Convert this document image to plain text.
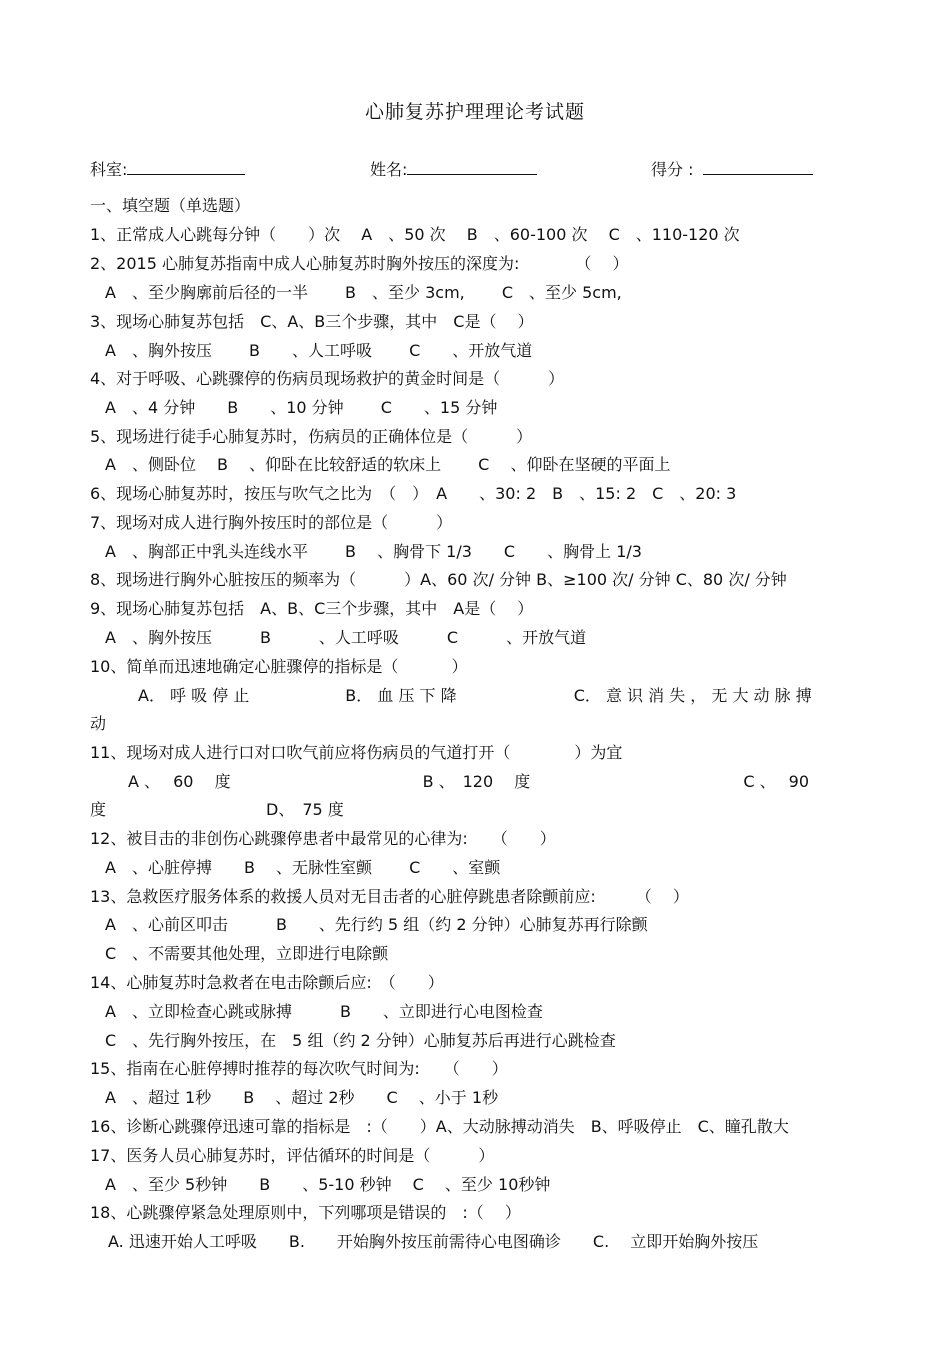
心肺复苏护理理论考试题
科室:	姓名:	得分 :
一、填空题（单选题）
1、正常成人心跳每分钟（　　）次　 A　、50 次　 B　、60-100 次　 C　、110-120 次
2、2015 心肺复苏指南中成人心肺复苏时胸外按压的深度为:　　　　（　 ）
A　、至少胸廓前后径的一半　　 B　、至少 3cm,　　 C　、至少 5cm,
3、现场心肺复苏包括　C、A、B三个步骤，其中　C是（　 ）
A　、胸外按压　　 B　　、人工呼吸　　 C　　、开放气道
4、对于呼吸、心跳骤停的伤病员现场救护的黄金时间是（　　　）
A　、4 分钟　　B　　、10 分钟　　 C　　、15 分钟
5、现场进行徒手心肺复苏时，伤病员的正确体位是（　　　）
A　、侧卧位　 B　 、仰卧在比较舒适的软床上　　 C　 、仰卧在坚硬的平面上
6、现场心肺复苏时，按压与吹气之比为　（　）　A　　、30: 2　B　、15: 2　C　、20: 3
7、现场对成人进行胸外按压时的部位是（　　　）
A　、胸部正中乳头连线水平　　 B　 、胸骨下 1/3　　C　　、胸骨上 1/3
8、现场进行胸外心脏按压的频率为（　　　）A、60 次/ 分钟 B、≥100 次/ 分钟 C、80 次/ 分钟
9、现场心肺复苏包括　A、B、C三个步骤，其中　A是（　 ）
A　、胸外按压　　　B　　　、人工呼吸　　　C　　　、开放气道
10、简单而迅速地确定心脏骤停的指标是（　　　 ）
A． 呼 吸 停 止　　　　　　B． 血 压 下 降　　　　　　　 C． 意 识 消 失 ， 无 大 动 脉 搏
动
11、现场对成人进行口对口吹气前应将伤病员的气道打开（　　　　）为宜
A 、　 60 　度　　　　　　　　　　　　B 、　120 　度　　　　　　　　　　　　　 C 、　 90
度　　　　　　　　　　D、　75 度
12、被目击的非创伤心跳骤停患者中最常见的心律为:　　（　　）
A　、心脏停搏　　B　 、无脉性室颤　　 C　　、室颤
13、急救医疗服务体系的救援人员对无目击者的心脏停跳患者除颤前应:　　　（　 ）
A　、心前区叩击　　　B　　、先行约 5 组（约 2 分钟）心肺复苏再行除颤
C　、不需要其他处理，立即进行电除颤
14、心肺复苏时急救者在电击除颤后应:　（　　）
A　、立即检查心跳或脉搏　　　B　　、立即进行心电图检查
C　、先行胸外按压，在　5 组（约 2 分钟）心肺复苏后再进行心跳检查
15、指南在心脏停搏时推荐的每次吹气时间为:　　（　　）
A　、超过 1秒　　B　 、超过 2秒　　C　 、小于 1秒
16、诊断心跳骤停迅速可靠的指标是　:（　　）A、大动脉搏动消失　B、呼吸停止　C、瞳孔散大
17、医务人员心肺复苏时，评估循环的时间是（　　　）
A　、至少 5秒钟　　B　　、5-10 秒钟　 C　 、至少 10秒钟
18、心跳骤停紧急处理原则中，下列哪项是错误的　:（　 ）
A. 迅速开始人工呼吸　　B.　　开始胸外按压前需待心电图确诊　　C.　 立即开始胸外按压
